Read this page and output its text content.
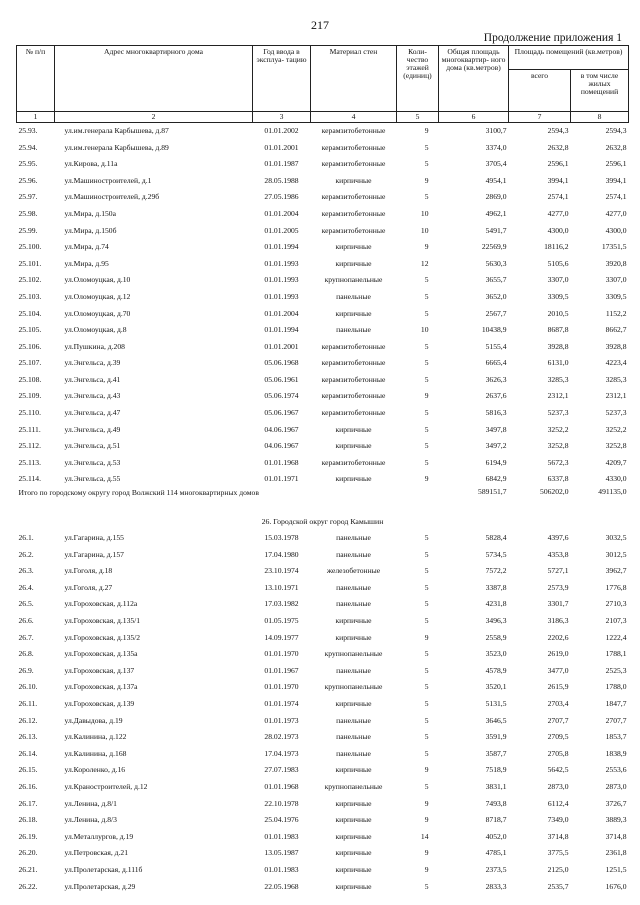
217
Продолжение приложения 1
№ п/п	Адрес многоквартирного дома	Год ввода в эксплуа- тацию	Материал стен	Коли- чество этажей (единиц)	Общая площадь многоквартир- ного дома (кв.метров)	Площадь помещений (кв.метров)	
						всего	в том числе жилых помещений
1	2	3	4	5	6	7	8
25.93.	ул.им.генерала Карбышева, д.87	01.01.2002	керамзитобетонные	9	3100,7	2594,3	2594,3
25.94.	ул.им.генерала Карбышева, д.89	01.01.2001	керамзитобетонные	5	3374,0	2632,8	2632,8
25.95.	ул.Кирова, д.11а	01.01.1987	керамзитобетонные	5	3705,4	2596,1	2596,1
25.96.	ул.Машиностроителей, д.1	28.05.1988	кирпичные	9	4954,1	3994,1	3994,1
25.97.	ул.Машиностроителей, д.29б	27.05.1986	керамзитобетонные	5	2869,0	2574,1	2574,1
25.98.	ул.Мира, д.150а	01.01.2004	керамзитобетонные	10	4962,1	4277,0	4277,0
25.99.	ул.Мира, д.150б	01.01.2005	керамзитобетонные	10	5491,7	4300,0	4300,0
25.100.	ул.Мира, д.74	01.01.1994	кирпичные	9	22569,9	18116,2	17351,5
25.101.	ул.Мира, д.95	01.01.1993	кирпичные	12	5630,3	5105,6	3920,8
25.102.	ул.Оломоуцкая, д.10	01.01.1993	крупнопанельные	5	3655,7	3307,0	3307,0
25.103.	ул.Оломоуцкая, д.12	01.01.1993	панельные	5	3652,0	3309,5	3309,5
25.104.	ул.Оломоуцкая, д.70	01.01.2004	кирпичные	5	2567,7	2010,5	1152,2
25.105.	ул.Оломоуцкая, д.8	01.01.1994	панельные	10	10438,9	8687,8	8662,7
25.106.	ул.Пушкина, д.208	01.01.2001	керамзитобетонные	5	5155,4	3928,8	3928,8
25.107.	ул.Энгельса, д.39	05.06.1968	керамзитобетонные	5	6665,4	6131,0	4223,4
25.108.	ул.Энгельса, д.41	05.06.1961	керамзитобетонные	5	3626,3	3285,3	3285,3
25.109.	ул.Энгельса, д.43	05.06.1974	керамзитобетонные	9	2637,6	2312,1	2312,1
25.110.	ул.Энгельса, д.47	05.06.1967	керамзитобетонные	5	5816,3	5237,3	5237,3
25.111.	ул.Энгельса, д.49	04.06.1967	кирпичные	5	3497,8	3252,2	3252,2
25.112.	ул.Энгельса, д.51	04.06.1967	кирпичные	5	3497,2	3252,8	3252,8
25.113.	ул.Энгельса, д.53	01.01.1968	керамзитобетонные	5	6194,9	5672,3	4209,7
25.114.	ул.Энгельса, д.55	01.01.1971	кирпичные	9	6842,9	6337,8	4330,0
Итого по городскому округу город Волжский 114 многоквартирных домов					589151,7	506202,0	491135,0
26. Городской округ город Камышин							
26.1.	ул.Гагарина, д.155	15.03.1978	панельные	5	5828,4	4397,6	3032,5
26.2.	ул.Гагарина, д.157	17.04.1980	панельные	5	5734,5	4353,8	3012,5
26.3.	ул.Гоголя, д.18	23.10.1974	железобетонные	5	7572,2	5727,1	3962,7
26.4.	ул.Гоголя, д.27	13.10.1971	панельные	5	3387,8	2573,9	1776,8
26.5.	ул.Гороховская, д.112а	17.03.1982	панельные	5	4231,8	3301,7	2710,3
26.6.	ул.Гороховская, д.135/1	01.05.1975	кирпичные	5	3496,3	3186,3	2107,3
26.7.	ул.Гороховская, д.135/2	14.09.1977	кирпичные	9	2558,9	2202,6	1222,4
26.8.	ул.Гороховская, д.135а	01.01.1970	крупнопанельные	5	3523,0	2619,0	1788,1
26.9.	ул.Гороховская, д.137	01.01.1967	панельные	5	4578,9	3477,0	2525,3
26.10.	ул.Гороховская, д.137а	01.01.1970	крупнопанельные	5	3520,1	2615,9	1788,0
26.11.	ул.Гороховская, д.139	01.01.1974	кирпичные	5	5131,5	2703,4	1847,7
26.12.	ул.Давыдова, д.19	01.01.1973	панельные	5	3646,5	2707,7	2707,7
26.13.	ул.Калинина, д.122	28.02.1973	панельные	5	3591,9	2709,5	1853,7
26.14.	ул.Калинина, д.168	17.04.1973	панельные	5	3587,7	2705,8	1838,9
26.15.	ул.Короленко, д.16	27.07.1983	кирпичные	9	7518,9	5642,5	2553,6
26.16.	ул.Краностроителей, д.12	01.01.1968	крупнопанельные	5	3831,1	2873,0	2873,0
26.17.	ул.Ленина, д.8/1	22.10.1978	кирпичные	9	7493,8	6112,4	3726,7
26.18.	ул.Ленина, д.8/3	25.04.1976	кирпичные	9	8718,7	7349,0	3889,3
26.19.	ул.Металлургов, д.19	01.01.1983	кирпичные	14	4052,0	3714,8	3714,8
26.20.	ул.Петровская, д.21	13.05.1987	кирпичные	9	4785,1	3775,5	2361,8
26.21.	ул.Пролетарская, д.111б	01.01.1983	кирпичные	9	2373,5	2125,0	1251,5
26.22.	ул.Пролетарская, д.29	22.05.1968	кирпичные	5	2833,3	2535,7	1676,0
